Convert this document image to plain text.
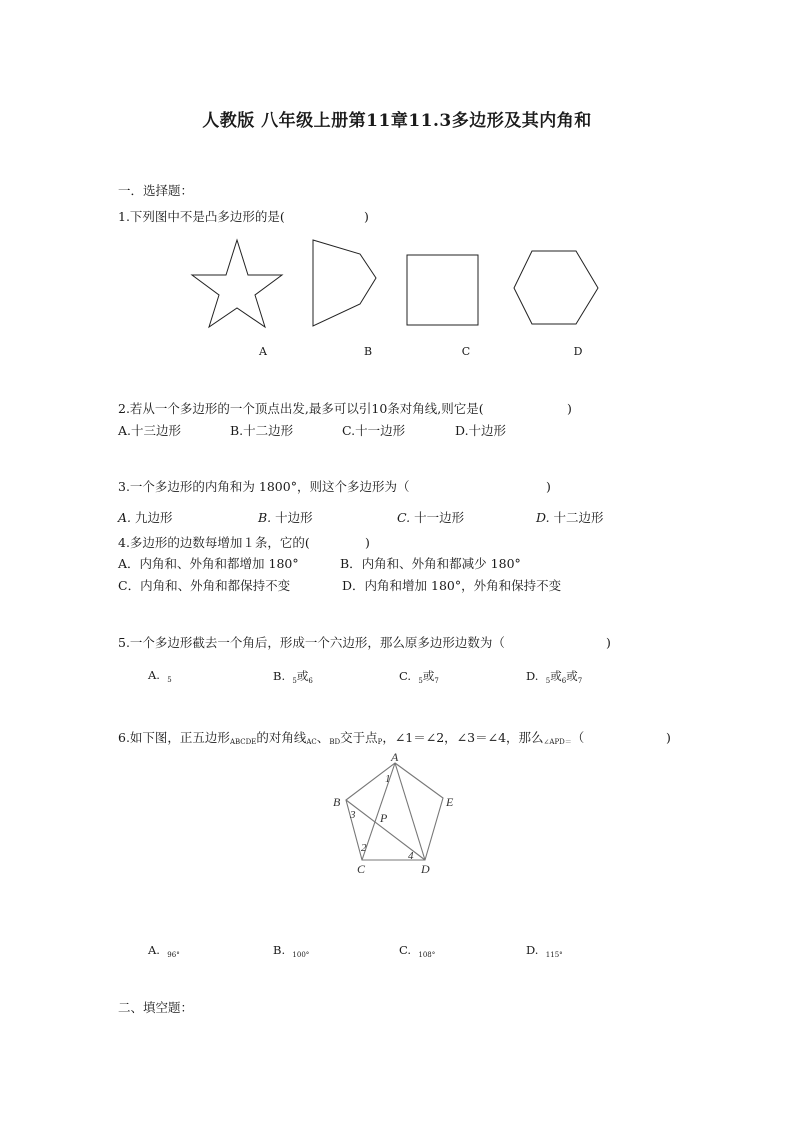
人教版 八年级上册第11章11.3多边形及其内角和
一．选择题：
1.下列图中不是凸多边形的是(	)
A	B	C	D
2.若从一个多边形的一个顶点出发,最多可以引10条对角线,则它是(	)
A.十三边形	B.十二边形	C.十一边形	D.十边形
3.一个多边形的内角和为 1800°，则这个多边形为（	)
A. 九边形	B. 十边形	C. 十一边形	D. 十二边形
4.多边形的边数每增加１条，它的(	)
A．内角和、外角和都增加 180°	B．内角和、外角和都减少 180°
C．内角和、外角和都保持不变	D．内角和增加 180°，外角和保持不变
5.一个多边形截去一个角后，形成一个六边形，那么原多边形边数为（	)
A. $_5$	B. $_5$或$_6$	C. $_5$或$_7$	D. $_5$或$_6$或$_7$
6.如下图，正五边形ABCDE的对角线AC、BD交于点P，∠1＝∠2，∠3＝∠4，那么∠APD＝（	)
A
B
C	D
E
P
1
2
3
4
A. $_{96^\circ}$	B. $_{100^\circ}$	C. $_{108^\circ}$	D. $_{115^\circ}$
二、填空题：
